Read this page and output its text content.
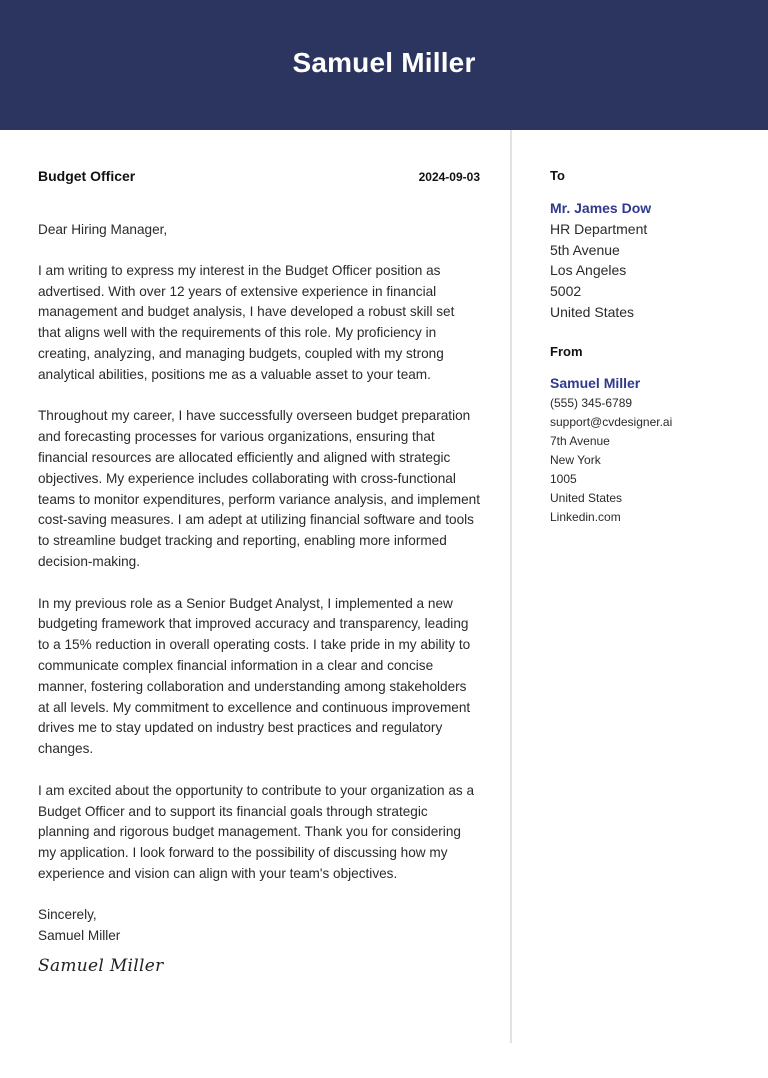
Samuel Miller
Budget Officer	2024-09-03

Dear Hiring Manager,

I am writing to express my interest in the Budget Officer position as advertised. With over 12 years of extensive experience in financial management and budget analysis, I have developed a robust skill set that aligns well with the requirements of this role. My proficiency in creating, analyzing, and managing budgets, coupled with my strong analytical abilities, positions me as a valuable asset to your team.

Throughout my career, I have successfully overseen budget preparation and forecasting processes for various organizations, ensuring that financial resources are allocated efficiently and aligned with strategic objectives. My experience includes collaborating with cross-functional teams to monitor expenditures, perform variance analysis, and implement cost-saving measures. I am adept at utilizing financial software and tools to streamline budget tracking and reporting, enabling more informed decision-making.

In my previous role as a Senior Budget Analyst, I implemented a new budgeting framework that improved accuracy and transparency, leading to a 15% reduction in overall operating costs. I take pride in my ability to communicate complex financial information in a clear and concise manner, fostering collaboration and understanding among stakeholders at all levels. My commitment to excellence and continuous improvement drives me to stay updated on industry best practices and regulatory changes.

I am excited about the opportunity to contribute to your organization as a Budget Officer and to support its financial goals through strategic planning and rigorous budget management. Thank you for considering my application. I look forward to the possibility of discussing how my experience and vision can align with your team's objectives.

Sincerely,
Samuel Miller
Samuel Miller
To
Mr. James Dow
HR Department
5th Avenue
Los Angeles
5002
United States
From
Samuel Miller
(555) 345-6789
support@cvdesigner.ai
7th Avenue
New York
1005
United States
Linkedin.com
